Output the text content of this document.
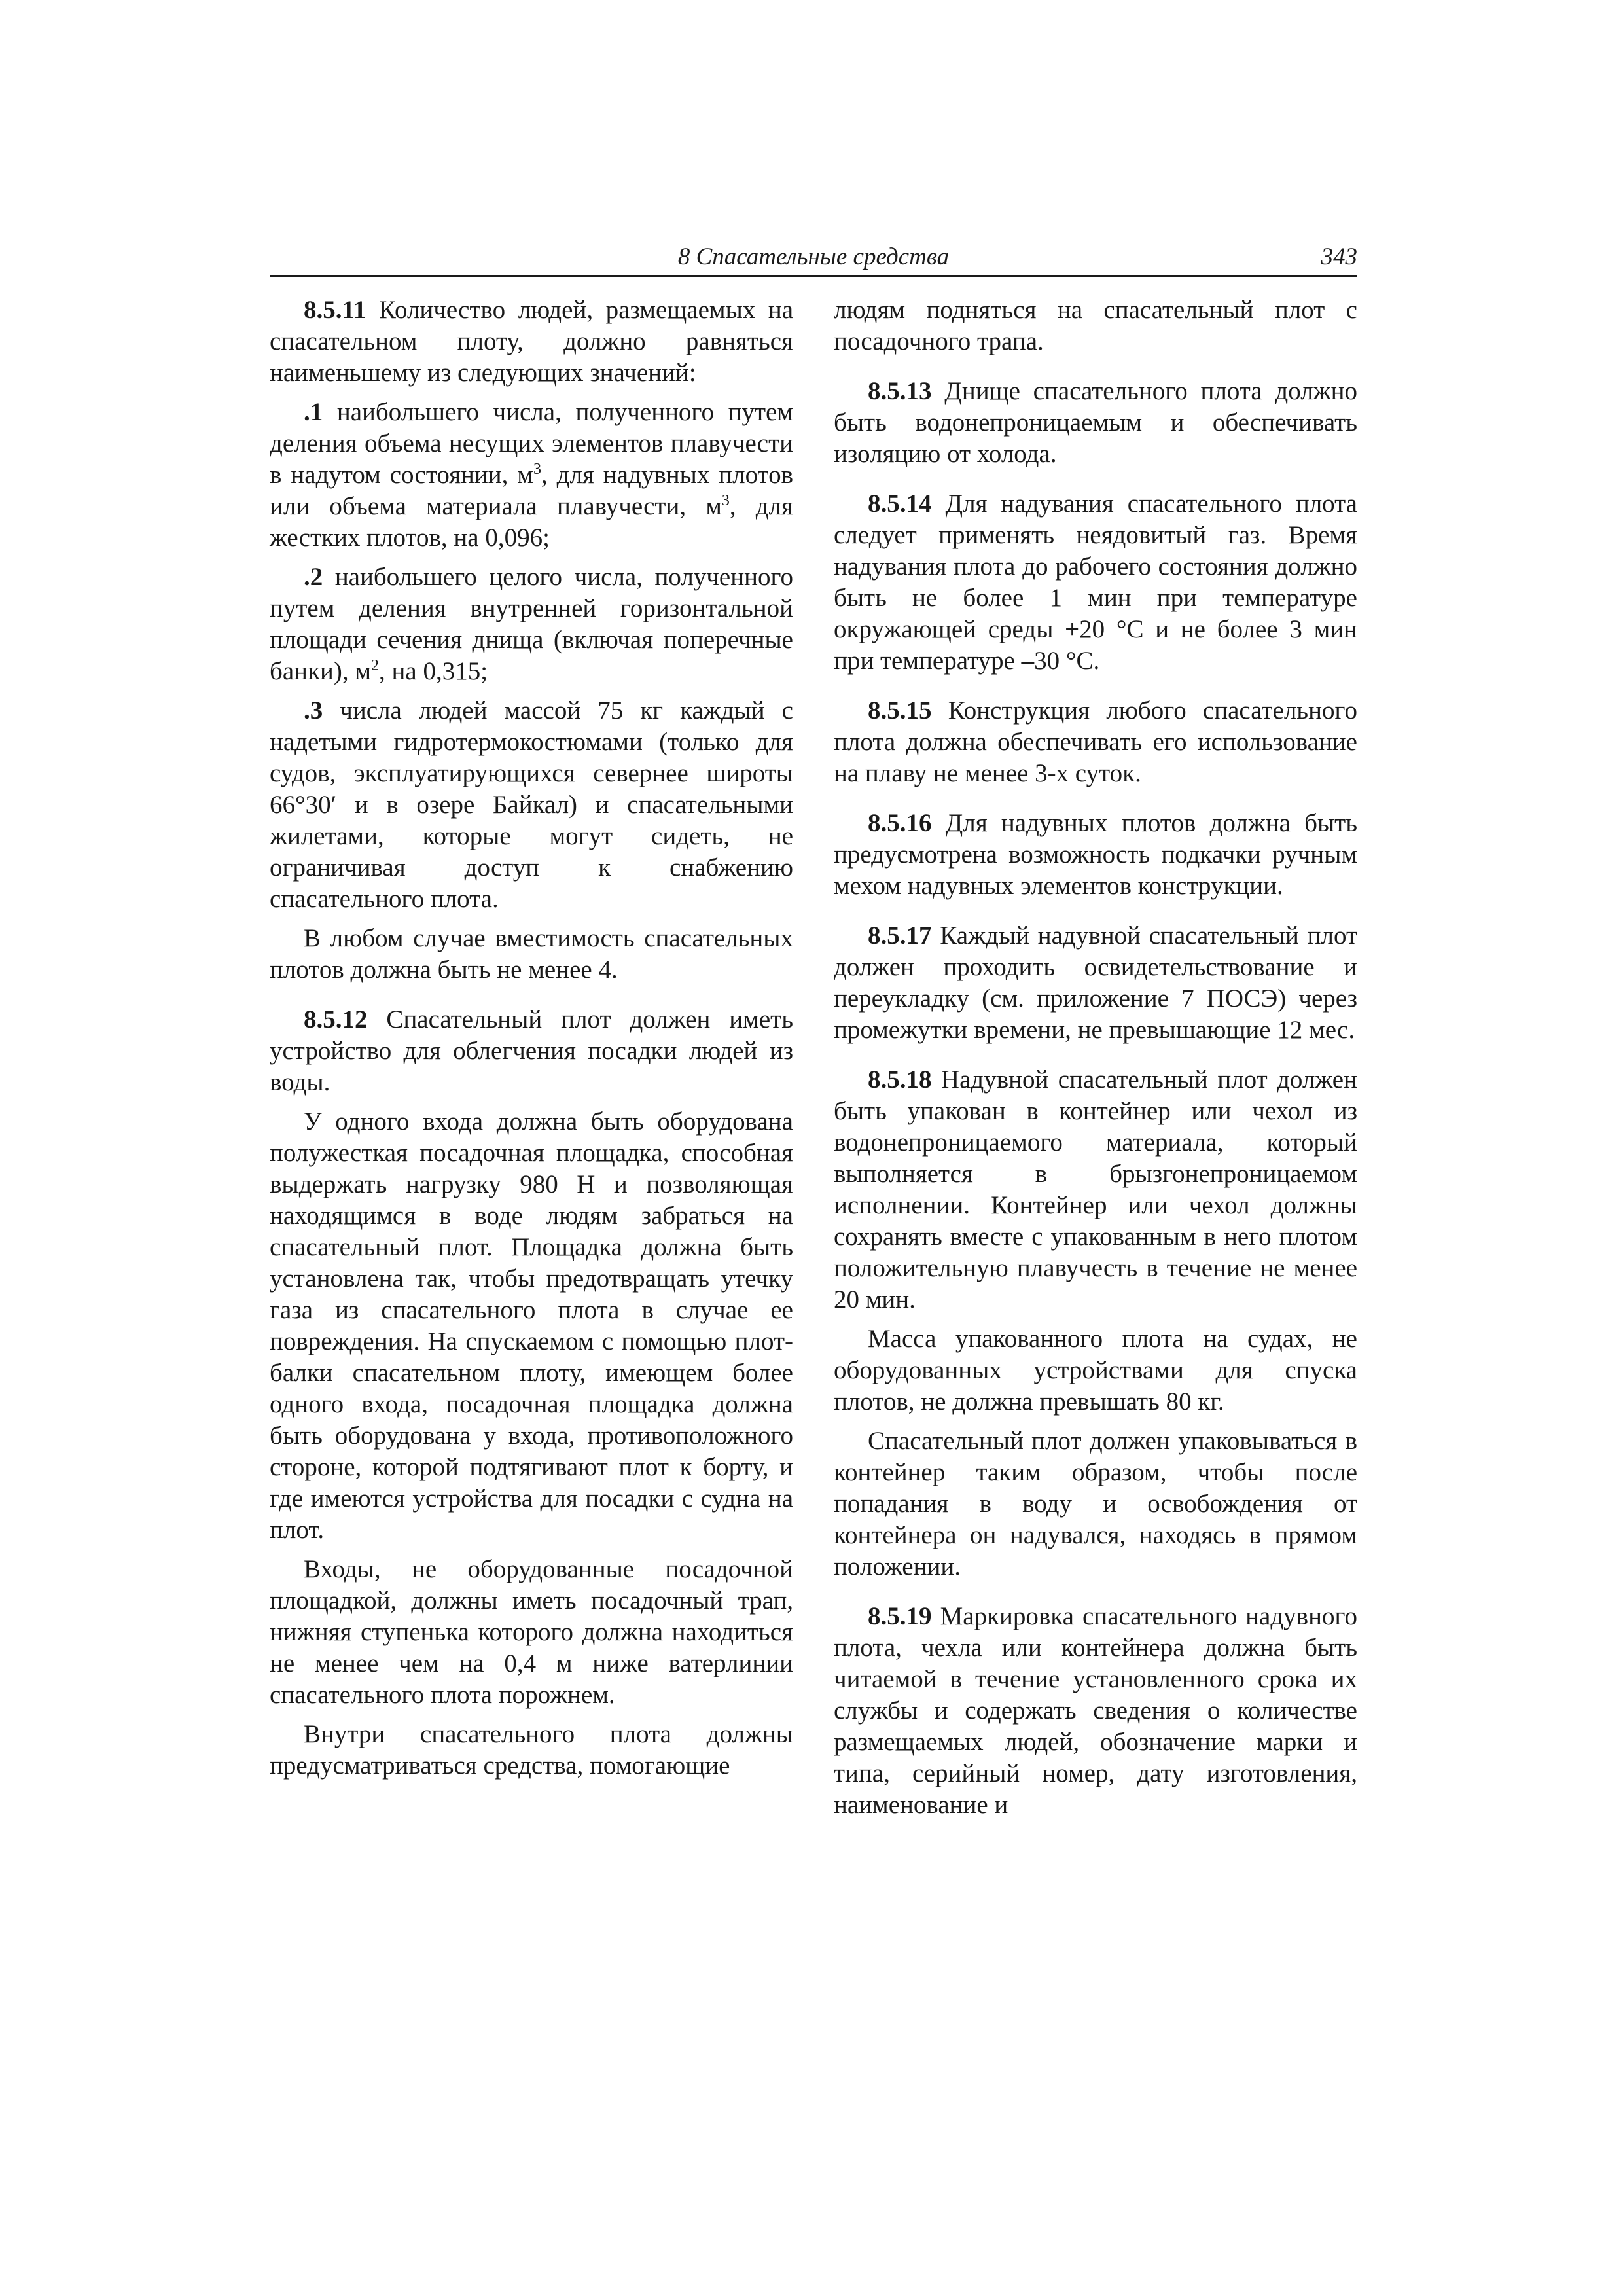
8 Спасательные средства	343

8.5.11 Количество людей, размещаемых на спасательном плоту, должно равняться наименьшему из следующих значений:

.1 наибольшего числа, полученного путем деления объема несущих элементов плавучести в надутом состоянии, $м^3$, для надувных плотов или объема материала плавучести, $м^3$, для жестких плотов, на 0,096;

.2 наибольшего целого числа, полученного путем деления внутренней горизонтальной площади сечения днища (включая поперечные банки), $м^2$, на 0,315;

.3 числа людей массой 75 кг каждый с надетыми гидротермокостюмами (только для судов, эксплуатирующихся севернее широты 66°30′ и в озере Байкал) и спасательными жилетами, которые могут сидеть, не ограничивая доступ к снабжению спасательного плота.

В любом случае вместимость спасательных плотов должна быть не менее 4.

8.5.12 Спасательный плот должен иметь устройство для облегчения посадки людей из воды.

У одного входа должна быть оборудована полужесткая посадочная площадка, способная выдержать нагрузку 980 Н и позволяющая находящимся в воде людям забраться на спасательный плот. Площадка должна быть установлена так, чтобы предотвращать утечку газа из спасательного плота в случае ее повреждения. На спускаемом с помощью плот-балки спасательном плоту, имеющем более одного входа, посадочная площадка должна быть оборудована у входа, противоположного стороне, которой подтягивают плот к борту, и где имеются устройства для посадки с судна на плот.

Входы, не оборудованные посадочной площадкой, должны иметь посадочный трап, нижняя ступенька которого должна находиться не менее чем на 0,4 м ниже ватерлинии спасательного плота порожнем.

Внутри спасательного плота должны предусматриваться средства, помогающие

людям подняться на спасательный плот с посадочного трапа.

8.5.13 Днище спасательного плота должно быть водонепроницаемым и обеспечивать изоляцию от холода.

8.5.14 Для надувания спасательного плота следует применять неядовитый газ. Время надувания плота до рабочего состояния должно быть не более 1 мин при температуре окружающей среды +20 °С и не более 3 мин при температуре –30 °С.

8.5.15 Конструкция любого спасательного плота должна обеспечивать его использование на плаву не менее 3-х суток.

8.5.16 Для надувных плотов должна быть предусмотрена возможность подкачки ручным мехом надувных элементов конструкции.

8.5.17 Каждый надувной спасательный плот должен проходить освидетельствование и переукладку (см. приложение 7 ПОСЭ) через промежутки времени, не превышающие 12 мес.

8.5.18 Надувной спасательный плот должен быть упакован в контейнер или чехол из водонепроницаемого материала, который выполняется в брызгонепроницаемом исполнении. Контейнер или чехол должны сохранять вместе с упакованным в него плотом положительную плавучесть в течение не менее 20 мин.

Масса упакованного плота на судах, не оборудованных устройствами для спуска плотов, не должна превышать 80 кг.

Спасательный плот должен упаковываться в контейнер таким образом, чтобы после попадания в воду и освобождения от контейнера он надувался, находясь в прямом положении.

8.5.19 Маркировка спасательного надувного плота, чехла или контейнера должна быть читаемой в течение установленного срока их службы и содержать сведения о количестве размещаемых людей, обозначение марки и типа, серийный номер, дату изготовления, наименование и
